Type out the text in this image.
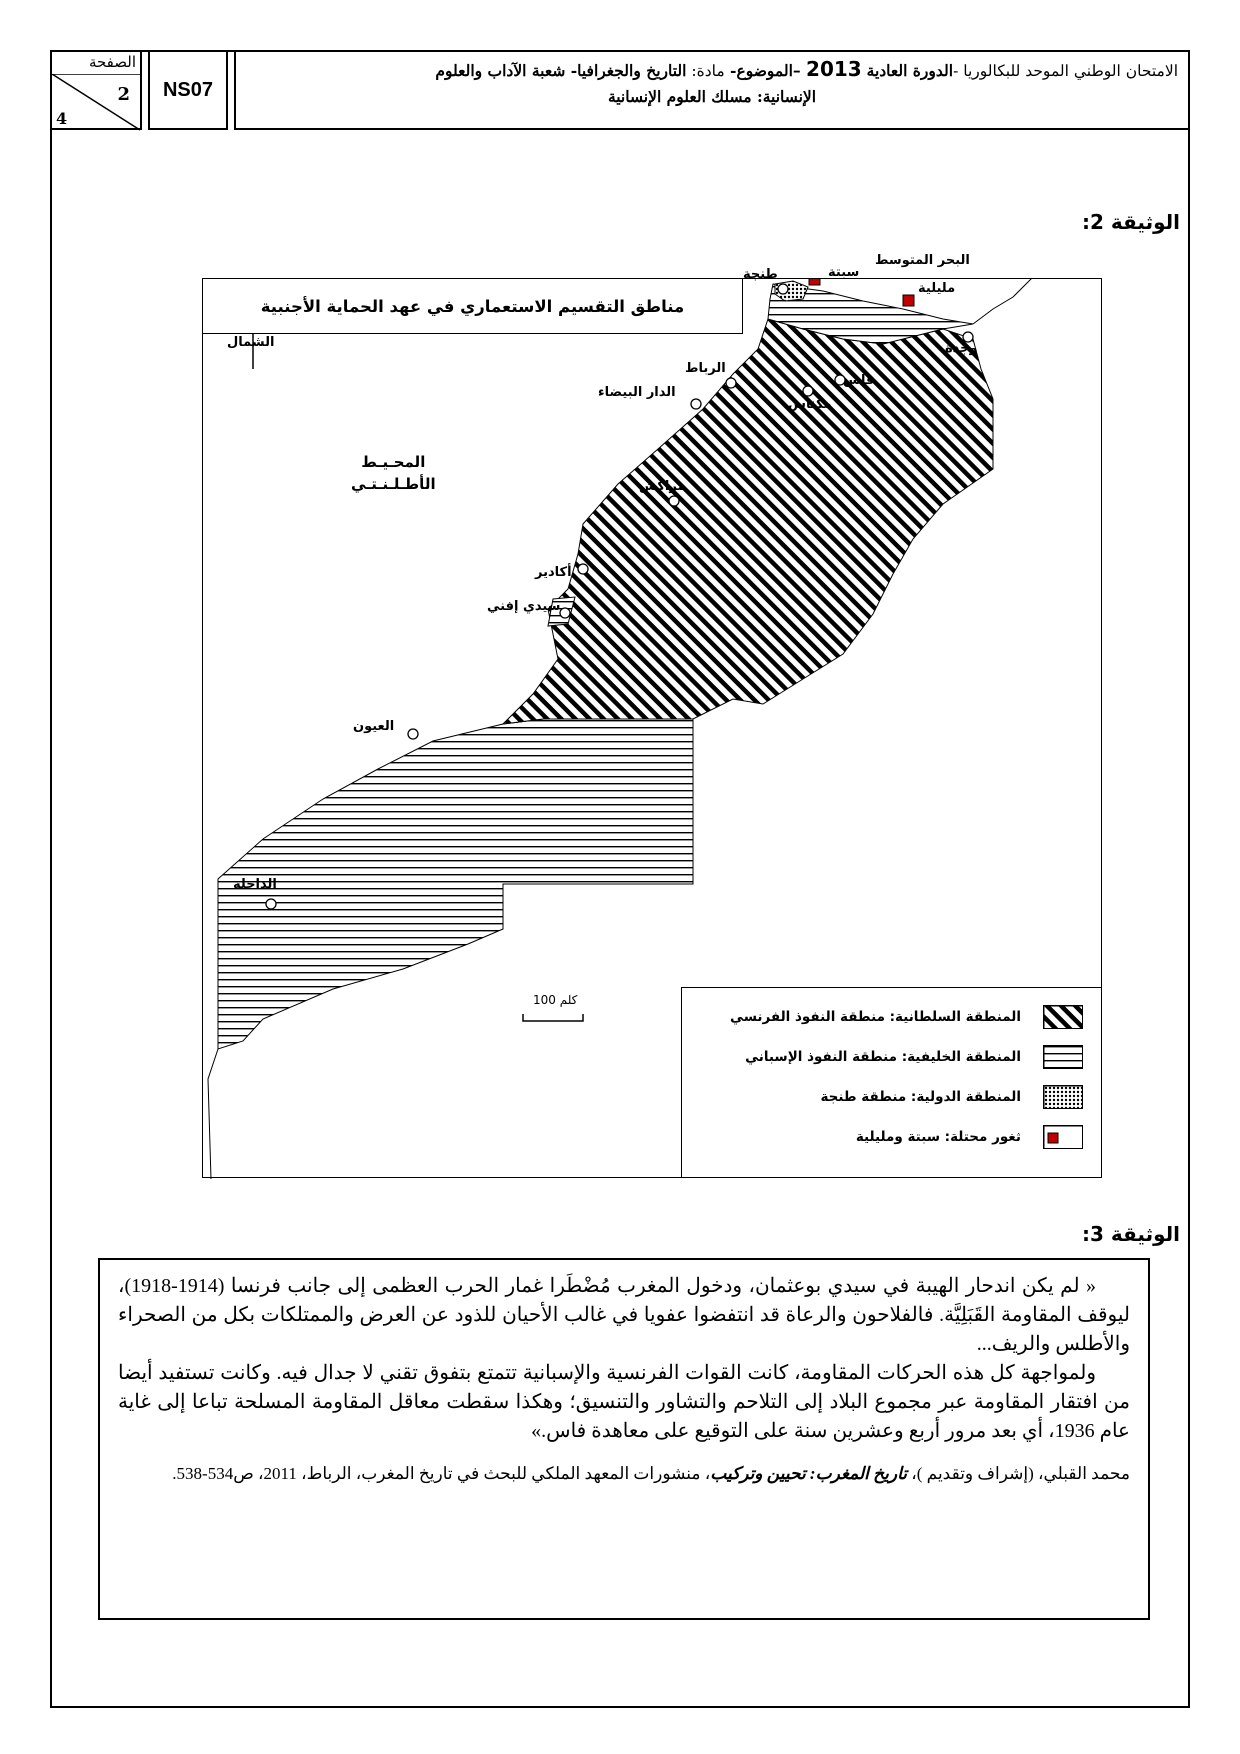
الصفحة
2
4
NS07
الامتحان الوطني الموحد للبكالوريا -الدورة العادية 2013 –الموضوع- مادة: التاريخ والجغرافيا- شعبة الآداب والعلوم
الإنسانية: مسلك العلوم الإنسانية
الوثيقة 2:
مناطق التقسيم الاستعماري في عهد الحماية الأجنبية
الشمال
المحـيـط
الأطـلـنـتـي
البحر المتوسط
طنجة	سبتة
مليلية
وجدة
الرباط
الدار البيضاء
فاس
مكناس
مراكش
أكادير
سيدي إفني
العيون
الداخلة
100 كلم
المنطقة السلطانية: منطقة النفوذ الفرنسي
المنطقة الخليفية: منطقة النفوذ الإسباني
المنطقة الدولية: منطقة طنجة
ثغور محتلة: سبتة ومليلية
الوثيقة 3:

« لم يكن اندحار الهيبة في سيدي بوعثمان، ودخول المغرب مُضْطَرا غمار الحرب العظمى إلى جانب فرنسا (1914-1918)، ليوقف المقاومة القَبَلِيَّة. فالفلاحون والرعاة قد انتفضوا عفويا في غالب الأحيان للذود عن العرض والممتلكات بكل من الصحراء والأطلس والريف...

ولمواجهة كل هذه الحركات المقاومة، كانت القوات الفرنسية والإسبانية تتمتع بتفوق تقني لا جدال فيه. وكانت تستفيد أيضا من افتقار المقاومة عبر مجموع البلاد إلى التلاحم والتشاور والتنسيق؛ وهكذا سقطت معاقل المقاومة المسلحة تباعا إلى غاية عام 1936، أي بعد مرور أربع وعشرين سنة على التوقيع على معاهدة فاس.»

محمد القبلي، (إشراف وتقديم )، تاريخ المغرب: تحيين وتركيب، منشورات المعهد الملكي للبحث في تاريخ المغرب، الرباط، 2011، ص534-538.
